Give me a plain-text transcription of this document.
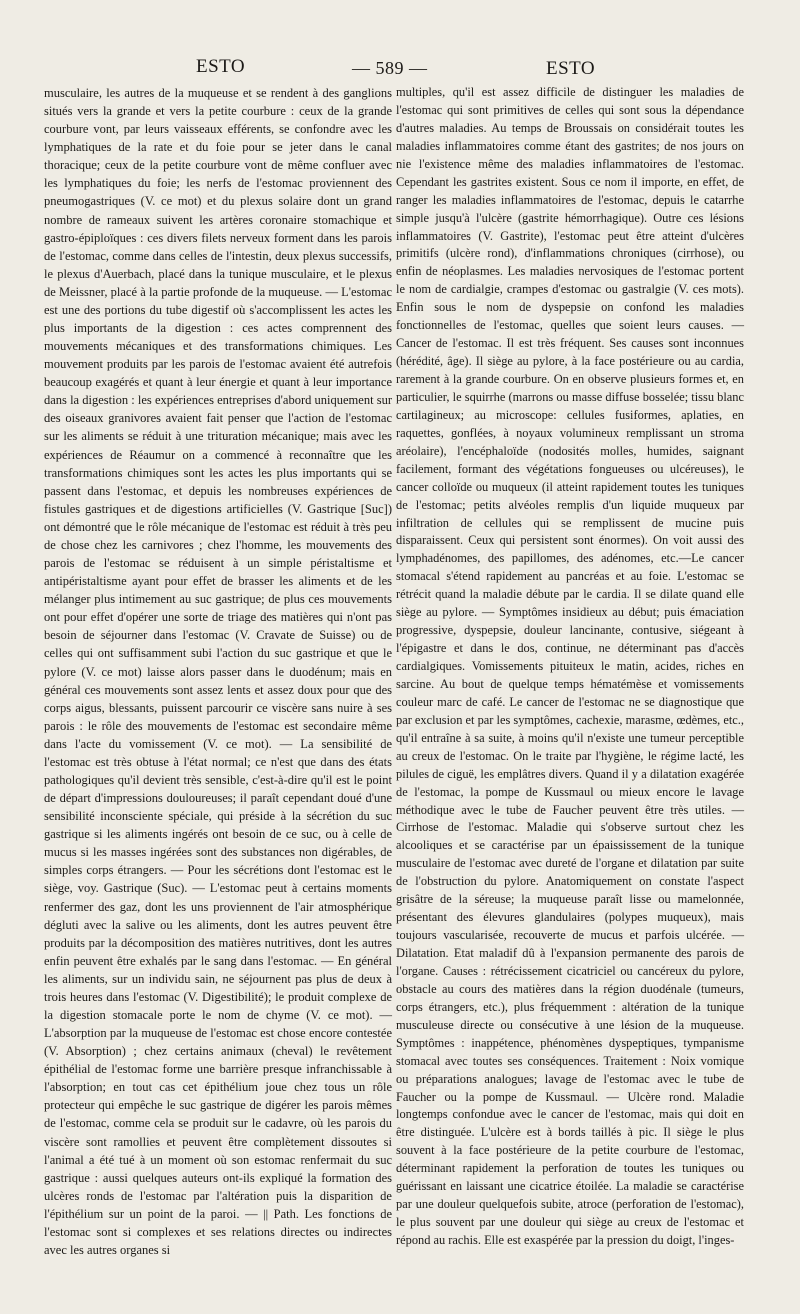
ESTO	— 589 —	ESTO

musculaire, les autres de la muqueuse et se rendent à des ganglions situés vers la grande et vers la petite courbure : ceux de la grande courbure vont, par leurs vaisseaux efférents, se confondre avec les lymphatiques de la rate et du foie pour se jeter dans le canal thoracique; ceux de la petite courbure vont de même confluer avec les lymphatiques du foie; les nerfs de l'estomac proviennent des pneumogastriques (V. ce mot) et du plexus solaire dont un grand nombre de rameaux suivent les artères coronaire stomachique et gastro-épiploïques : ces divers filets nerveux forment dans les parois de l'estomac, comme dans celles de l'intestin, deux plexus successifs, le plexus d'Auerbach, placé dans la tunique musculaire, et le plexus de Meissner, placé à la partie profonde de la muqueuse. — L'estomac est une des portions du tube digestif où s'accomplissent les actes les plus importants de la digestion : ces actes comprennent des mouvements mécaniques et des transformations chimiques. Les mouvement produits par les parois de l'estomac avaient été autrefois beaucoup exagérés et quant à leur énergie et quant à leur importance dans la digestion : les expériences entreprises d'abord uniquement sur des oiseaux granivores avaient fait penser que l'action de l'estomac sur les aliments se réduit à une trituration mécanique; mais avec les expériences de Réaumur on a commencé à reconnaître que les transformations chimiques sont les actes les plus importants qui se passent dans l'estomac, et depuis les nombreuses expériences de fistules gastriques et de digestions artificielles (V. Gastrique [Suc]) ont démontré que le rôle mécanique de l'estomac est réduit à très peu de chose chez les carnivores ; chez l'homme, les mouvements des parois de l'estomac se réduisent à un simple péristaltisme et antipéristaltisme ayant pour effet de brasser les aliments et de les mélanger plus intimement au suc gastrique; de plus ces mouvements ont pour effet d'opérer une sorte de triage des matières qui n'ont pas besoin de séjourner dans l'estomac (V. Cravate de Suisse) ou de celles qui ont suffisamment subi l'action du suc gastrique et que le pylore (V. ce mot) laisse alors passer dans le duodénum; mais en général ces mouvements sont assez lents et assez doux pour que des corps aigus, blessants, puissent parcourir ce viscère sans nuire à ses parois : le rôle des mouvements de l'estomac est secondaire même dans l'acte du vomissement (V. ce mot). — La sensibilité de l'estomac est très obtuse à l'état normal; ce n'est que dans des états pathologiques qu'il devient très sensible, c'est-à-dire qu'il est le point de départ d'impressions douloureuses; il paraît cependant doué d'une sensibilité inconsciente spéciale, qui préside à la sécrétion du suc gastrique si les aliments ingérés ont besoin de ce suc, ou à celle de mucus si les masses ingérées sont des substances non digérables, de simples corps étrangers. — Pour les sécrétions dont l'estomac est le siège, voy. Gastrique (Suc). — L'estomac peut à certains moments renfermer des gaz, dont les uns proviennent de l'air atmosphérique dégluti avec la salive ou les aliments, dont les autres peuvent être produits par la décomposition des matières nutritives, dont les autres enfin peuvent être exhalés par le sang dans l'estomac. — En général les aliments, sur un individu sain, ne séjournent pas plus de deux à trois heures dans l'estomac (V. Digestibilité); le produit complexe de la digestion stomacale porte le nom de chyme (V. ce mot). — L'absorption par la muqueuse de l'estomac est chose encore contestée (V. Absorption) ; chez certains animaux (cheval) le revêtement épithélial de l'estomac forme une barrière presque infranchissable à l'absorption; en tout cas cet épithélium joue chez tous un rôle protecteur qui empêche le suc gastrique de digérer les parois mêmes de l'estomac, comme cela se produit sur le cadavre, où les parois du viscère sont ramollies et peuvent être complètement dissoutes si l'animal a été tué à un moment où son estomac renfermait du suc gastrique : aussi quelques auteurs ont-ils expliqué la formation des ulcères ronds de l'estomac par l'altération puis la disparition de l'épithélium sur un point de la paroi. — || Path. Les fonctions de l'estomac sont si complexes et ses relations directes ou indirectes avec les autres organes si

multiples, qu'il est assez difficile de distinguer les maladies de l'estomac qui sont primitives de celles qui sont sous la dépendance d'autres maladies. Au temps de Broussais on considérait toutes les maladies inflammatoires comme étant des gastrites; de nos jours on nie l'existence même des maladies inflammatoires de l'estomac. Cependant les gastrites existent. Sous ce nom il importe, en effet, de ranger les maladies inflammatoires de l'estomac, depuis le catarrhe simple jusqu'à l'ulcère (gastrite hémorrhagique). Outre ces lésions inflammatoires (V. Gastrite), l'estomac peut être atteint d'ulcères primitifs (ulcère rond), d'inflammations chroniques (cirrhose), ou enfin de néoplasmes. Les maladies nervosiques de l'estomac portent le nom de cardialgie, crampes d'estomac ou gastralgie (V. ces mots). Enfin sous le nom de dyspepsie on confond les maladies fonctionnelles de l'estomac, quelles que soient leurs causes. — Cancer de l'estomac. Il est très fréquent. Ses causes sont inconnues (hérédité, âge). Il siège au pylore, à la face postérieure ou au cardia, rarement à la grande courbure. On en observe plusieurs formes et, en particulier, le squirrhe (marrons ou masse diffuse bosselée; tissu blanc cartilagineux; au microscope: cellules fusiformes, aplaties, en raquettes, gonflées, à noyaux volumineux remplissant un stroma aréolaire), l'encéphaloïde (nodosités molles, humides, saignant facilement, formant des végétations fongueuses ou ulcéreuses), le cancer colloïde ou muqueux (il atteint rapidement toutes les tuniques de l'estomac; petits alvéoles remplis d'un liquide muqueux par infiltration de cellules qui se remplissent de mucine puis disparaissent. Ceux qui persistent sont énormes). On voit aussi des lymphadénomes, des papillomes, des adénomes, etc.—Le cancer stomacal s'étend rapidement au pancréas et au foie. L'estomac se rétrécit quand la maladie débute par le cardia. Il se dilate quand elle siège au pylore. — Symptômes insidieux au début; puis émaciation progressive, dyspepsie, douleur lancinante, contusive, siégeant à l'épigastre et dans le dos, continue, ne déterminant pas d'accès cardialgiques. Vomissements pituiteux le matin, acides, riches en sarcine. Au bout de quelque temps hématémèse et vomissements couleur marc de café. Le cancer de l'estomac ne se diagnostique que par exclusion et par les symptômes, cachexie, marasme, œdèmes, etc., qu'il entraîne à sa suite, à moins qu'il n'existe une tumeur perceptible au creux de l'estomac. On le traite par l'hygiène, le régime lacté, les pilules de ciguë, les emplâtres divers. Quand il y a dilatation exagérée de l'estomac, la pompe de Kussmaul ou mieux encore le lavage méthodique avec le tube de Faucher peuvent être très utiles. — Cirrhose de l'estomac. Maladie qui s'observe surtout chez les alcooliques et se caractérise par un épaississement de la tunique musculaire de l'estomac avec dureté de l'organe et dilatation par suite de l'obstruction du pylore. Anatomiquement on constate l'aspect grisâtre de la séreuse; la muqueuse paraît lisse ou mamelonnée, présentant des élevures glandulaires (polypes muqueux), mais toujours vascularisée, recouverte de mucus et parfois ulcérée. — Dilatation. Etat maladif dû à l'expansion permanente des parois de l'organe. Causes : rétrécissement cicatriciel ou cancéreux du pylore, obstacle au cours des matières dans la région duodénale (tumeurs, corps étrangers, etc.), plus fréquemment : altération de la tunique musculeuse directe ou consécutive à une lésion de la muqueuse. Symptômes : inappétence, phénomènes dyspeptiques, tympanisme stomacal avec toutes ses conséquences. Traitement : Noix vomique ou préparations analogues; lavage de l'estomac avec le tube de Faucher ou la pompe de Kussmaul. — Ulcère rond. Maladie longtemps confondue avec le cancer de l'estomac, mais qui doit en être distinguée. L'ulcère est à bords taillés à pic. Il siège le plus souvent à la face postérieure de la petite courbure de l'estomac, déterminant rapidement la perforation de toutes les tuniques ou guérissant en laissant une cicatrice étoilée. La maladie se caractérise par une douleur quelquefois subite, atroce (perforation de l'estomac), le plus souvent par une douleur qui siège au creux de l'estomac et répond au rachis. Elle est exaspérée par la pression du doigt, l'inges-
